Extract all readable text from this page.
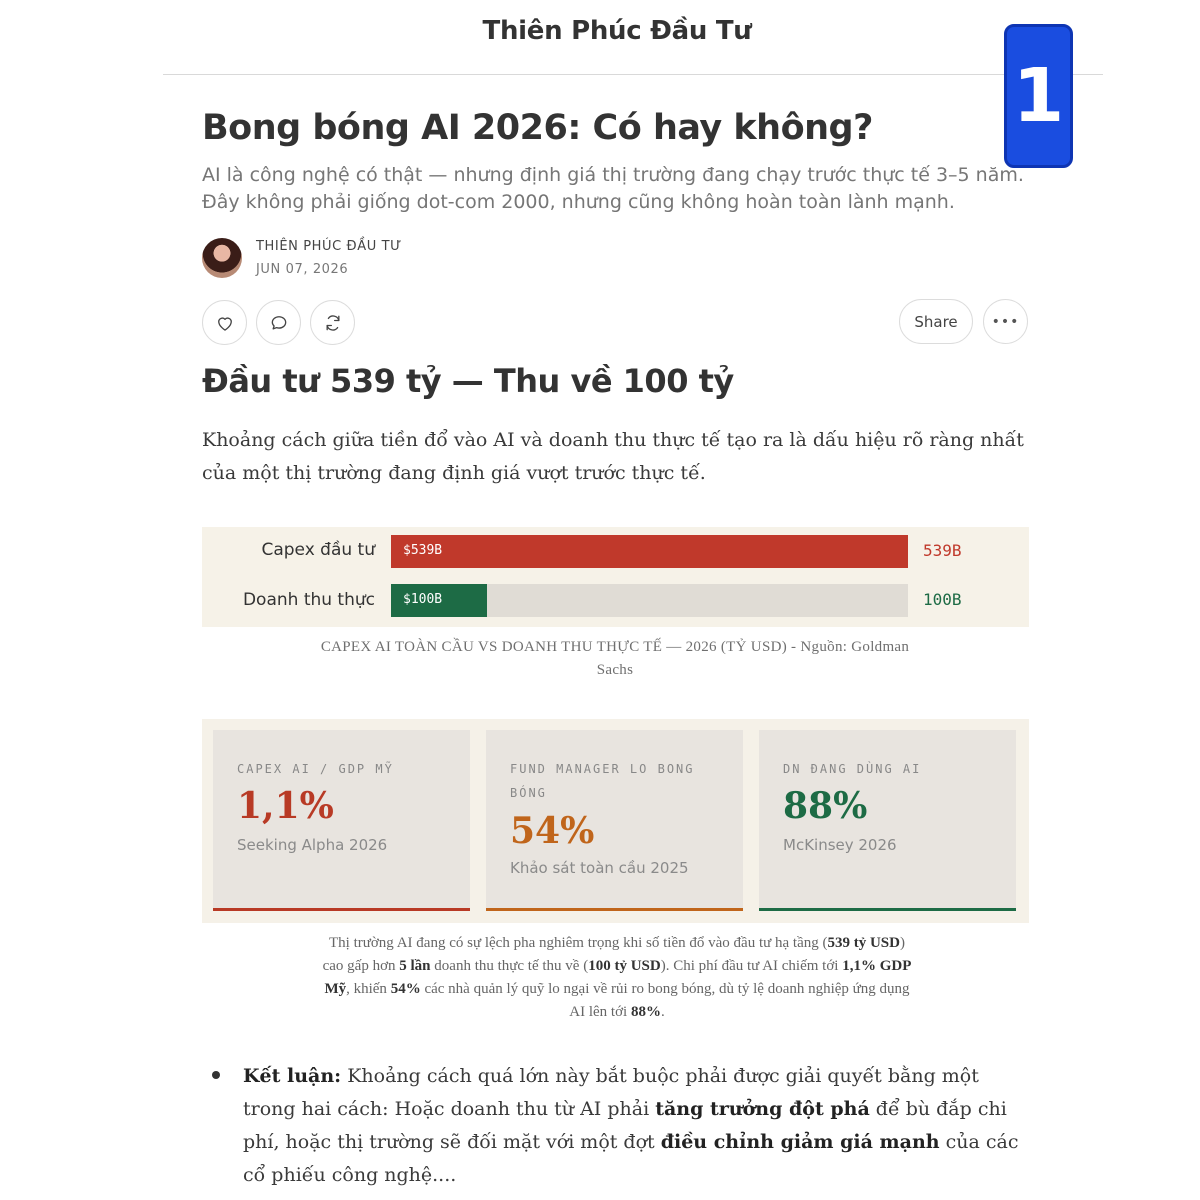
Thiên Phúc Đầu Tư
1
Bong bóng AI 2026: Có hay không?

AI là công nghệ có thật — nhưng định giá thị trường đang chạy trước thực tế 3–5 năm. Đây không phải giống dot-com 2000, nhưng cũng không hoàn toàn lành mạnh.

THIÊN PHÚC ĐẦU TƯ
JUN 07, 2026
Share	•••
Đầu tư 539 tỷ — Thu về 100 tỷ

Khoảng cách giữa tiền đổ vào AI và doanh thu thực tế tạo ra là dấu hiệu rõ ràng nhất của một thị trường đang định giá vượt trước thực tế.

Capex đầu tư $539B	539B
Doanh thu thực $100B	100B

CAPEX AI TOÀN CẦU VS DOANH THU THỰC TẾ — 2026 (TỶ USD) - Nguồn: Goldman Sachs

CAPEX AI / GDP MỸ
1,1%
Seeking Alpha 2026
FUND MANAGER LO BONG BÓNG
54%
Khảo sát toàn cầu 2025
DN ĐANG DÙNG AI
88%
McKinsey 2026

Thị trường AI đang có sự lệch pha nghiêm trọng khi số tiền đổ vào đầu tư hạ tầng (539 tỷ USD) cao gấp hơn 5 lần doanh thu thực tế thu về (100 tỷ USD). Chi phí đầu tư AI chiếm tới 1,1% GDP Mỹ, khiến 54% các nhà quản lý quỹ lo ngại về rủi ro bong bóng, dù tỷ lệ doanh nghiệp ứng dụng AI lên tới 88%.

Kết luận: Khoảng cách quá lớn này bắt buộc phải được giải quyết bằng một trong hai cách: Hoặc doanh thu từ AI phải tăng trưởng đột phá để bù đắp chi phí, hoặc thị trường sẽ đối mặt với một đợt điều chỉnh giảm giá mạnh của các cổ phiếu công nghệ....
